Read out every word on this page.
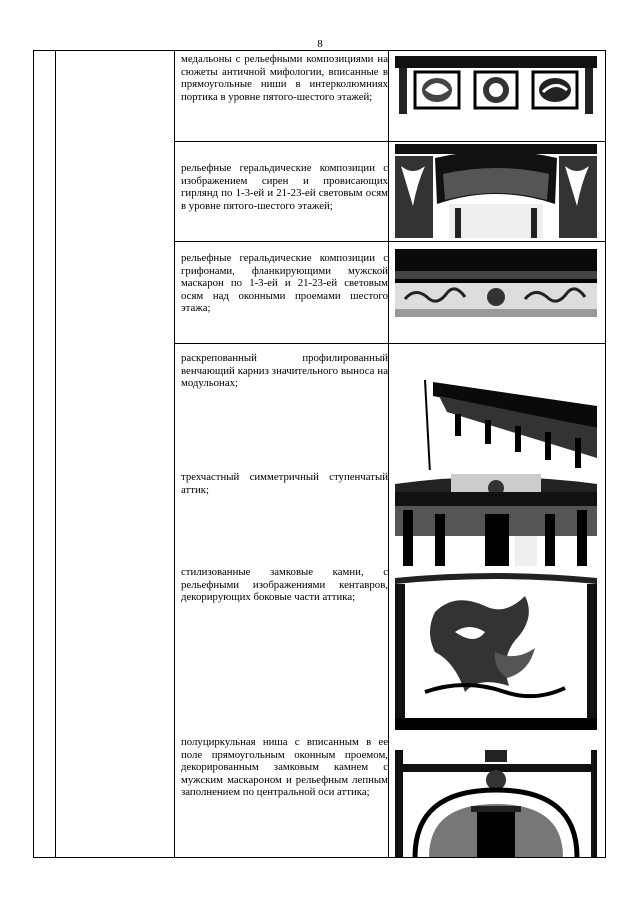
8
медальоны с рельефными композициями на сюжеты античной мифологии, вписанные в прямоугольные ниши в интерколюмниях портика в уровне пятого-шестого этажей;
рельефные геральдические композиции с изображением сирен и провисающих гирлянд по 1-3-ей и 21-23-ей световым осям в уровне пятого-шестого этажей;
рельефные геральдические композиции с грифонами, фланкирующими мужской маскарон по 1-3-ей и 21-23-ей световым осям над оконными проемами шестого этажа;
раскрепованный профилированный венчающий карниз значительного выноса на модульонах;
трехчастный симметричный ступенчатый аттик;
стилизованные замковые камни, с рельефными изображениями кентавров, декорирующих боковые части аттика;
полуциркульная ниша с вписанным в ее поле прямоугольным оконным проемом, декорированным замковым камнем с мужским маскароном и рельефным лепным заполнением по центральной оси аттика;
